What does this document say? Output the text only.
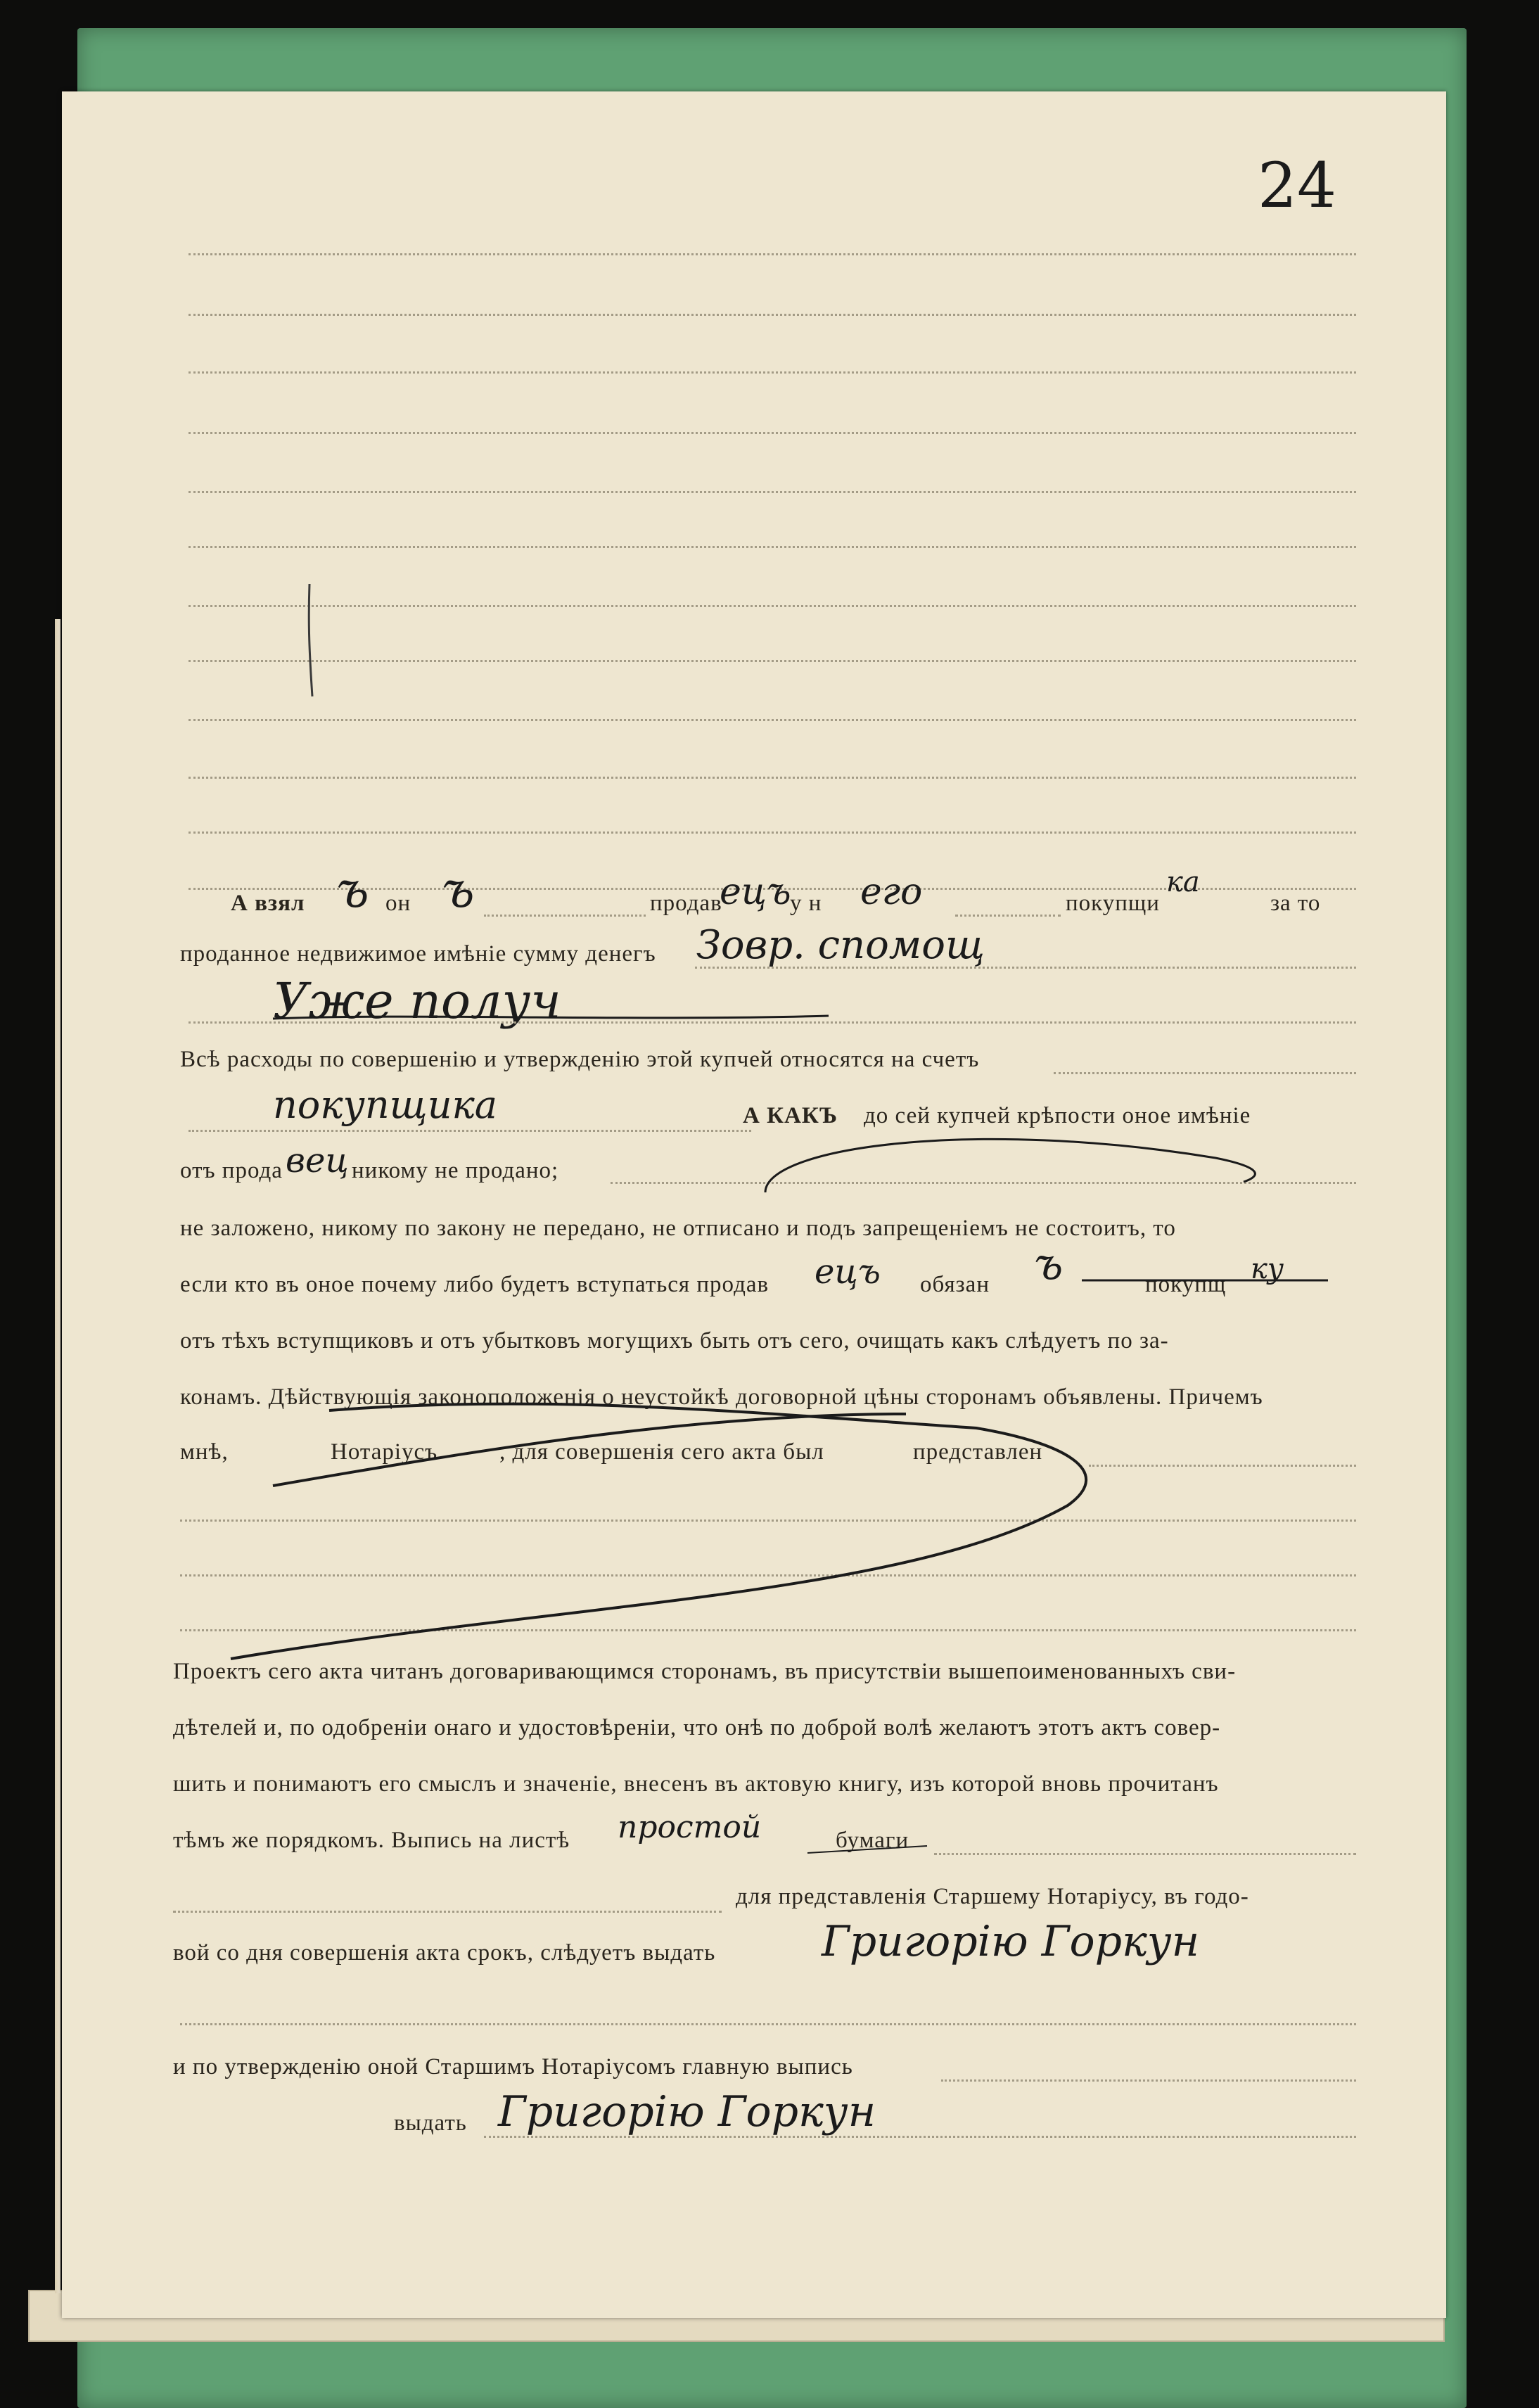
24
А взял ъ он ъ	продав
ецъ
у н его	покупщи
ка
за то
проданное недвижимое имѣніе сумму денегъ Зовр. спомощ
Уже получ
Всѣ расходы по совершенію и утвержденію этой купчей относятся на счетъ
покупщика	А КАКЪ до сей купчей крѣпости оное имѣніе
отъ прода вец никому не продано;
не заложено, никому по закону не передано, не отписано и подъ запрещеніемъ не состоитъ, то
если кто въ оное почему либо будетъ вступаться продав ецъ обязан ъ	покупщ ку
отъ тѣхъ вступщиковъ и отъ убытковъ могущихъ быть отъ сего, очищать какъ слѣдуетъ по за-
конамъ. Дѣйствующія законоположенія о неустойкѣ договорной цѣны сторонамъ объявлены. Причемъ
мнѣ,	Нотаріусъ	, для совершенія сего акта был	представлен
Проектъ сего акта читанъ договаривающимся сторонамъ, въ присутствіи вышепоименованныхъ сви-
дѣтелей и, по одобреніи онаго и удостовѣреніи, что онѣ по доброй волѣ желаютъ этотъ актъ совер-
шить и понимаютъ его смыслъ и значеніе, внесенъ въ актовую книгу, изъ которой вновь прочитанъ
тѣмъ же порядкомъ. Выпись на листѣ простой	бумаги
для представленія Старшему Нотаріусу, въ годо-
вой со дня совершенія акта срокъ, слѣдуетъ выдать	Григорію Горкун
и по утвержденію оной Старшимъ Нотаріусомъ главную выпись
выдать Григорію Горкун
